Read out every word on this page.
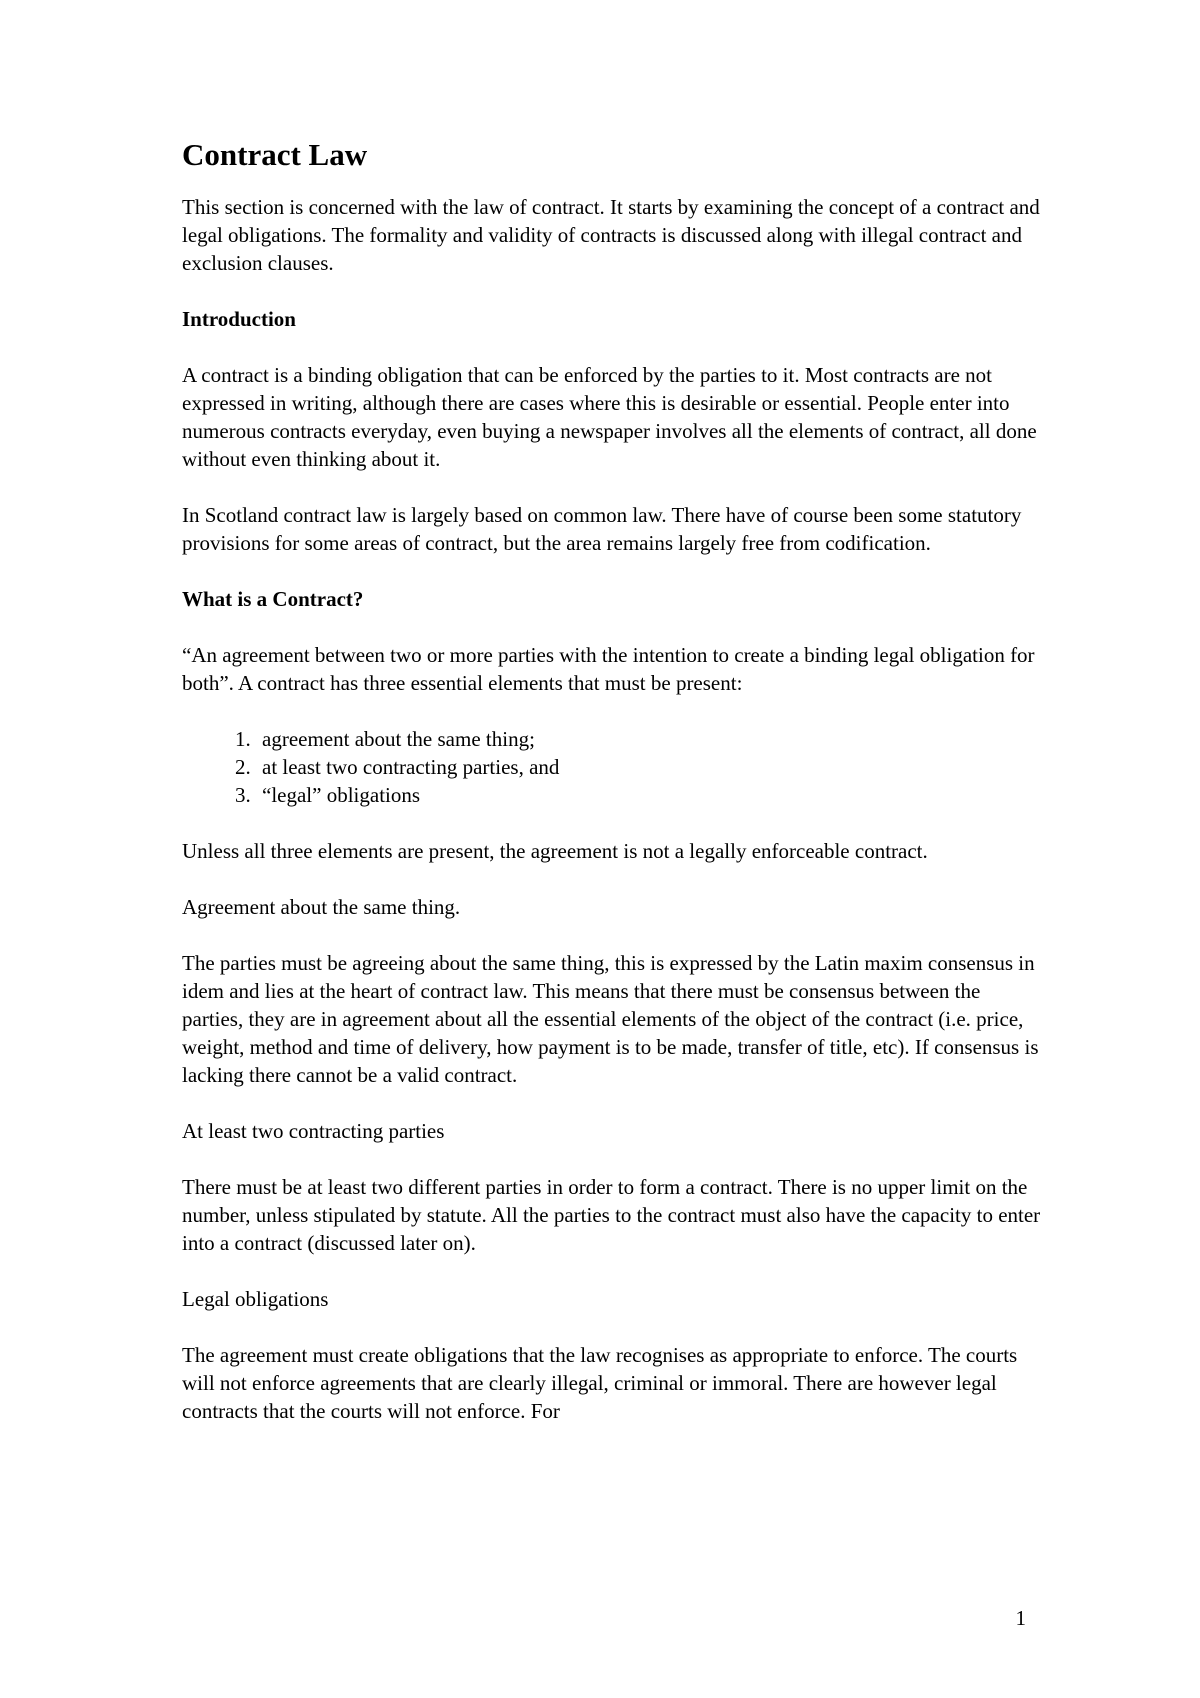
Contract Law

This section is concerned with the law of contract. It starts by examining the concept of a contract and legal obligations. The formality and validity of contracts is discussed along with illegal contract and exclusion clauses.

Introduction

A contract is a binding obligation that can be enforced by the parties to it. Most contracts are not expressed in writing, although there are cases where this is desirable or essential. People enter into numerous contracts everyday, even buying a newspaper involves all the elements of contract, all done without even thinking about it.

In Scotland contract law is largely based on common law. There have of course been some statutory provisions for some areas of contract, but the area remains largely free from codification.

What is a Contract?

“An agreement between two or more parties with the intention to create a binding legal obligation for both”. A contract has three essential elements that must be present:

1. agreement about the same thing;
2. at least two contracting parties, and
3. “legal” obligations

Unless all three elements are present, the agreement is not a legally enforceable contract.

Agreement about the same thing.

The parties must be agreeing about the same thing, this is expressed by the Latin maxim consensus in idem and lies at the heart of contract law. This means that there must be consensus between the parties, they are in agreement about all the essential elements of the object of the contract (i.e. price, weight, method and time of delivery, how payment is to be made, transfer of title, etc). If consensus is lacking there cannot be a valid contract.

At least two contracting parties

There must be at least two different parties in order to form a contract. There is no upper limit on the number, unless stipulated by statute. All the parties to the contract must also have the capacity to enter into a contract (discussed later on).

Legal obligations

The agreement must create obligations that the law recognises as appropriate to enforce. The courts will not enforce agreements that are clearly illegal, criminal or immoral. There are however legal contracts that the courts will not enforce. For

1
